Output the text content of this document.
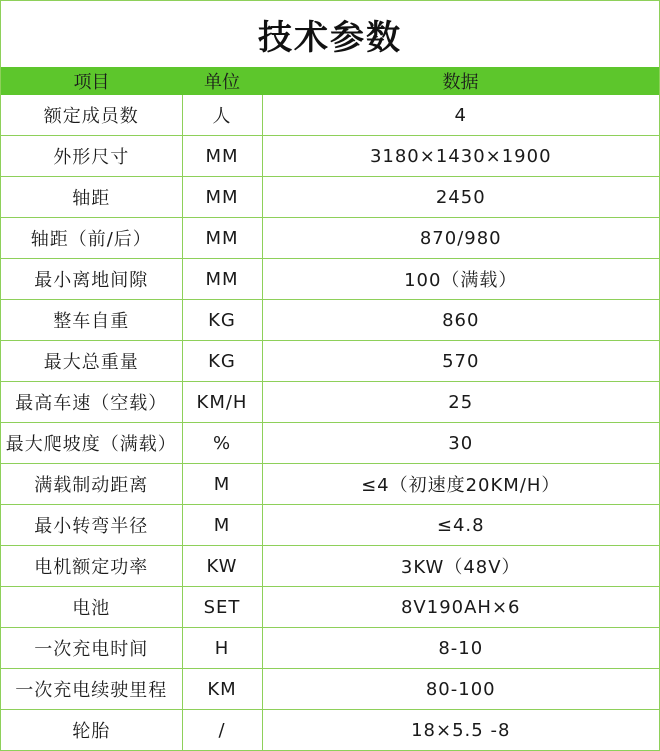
技术参数
项目	单位	数据
额定成员数	人	4
外形尺寸	MM	3180×1430×1900
轴距	MM	2450
轴距（前/后）	MM	870/980
最小离地间隙	MM	100（满载）
整车自重	KG	860
最大总重量	KG	570
最高车速（空载）	KM/H	25
最大爬坡度（满载）	%	30
满载制动距离	M	≤4（初速度20KM/H）
最小转弯半径	M	≤4.8
电机额定功率	KW	3KW（48V）
电池	SET	8V190AH×6
一次充电时间	H	8-10
一次充电续驶里程	KM	80-100
轮胎	/	18×5.5 -8
